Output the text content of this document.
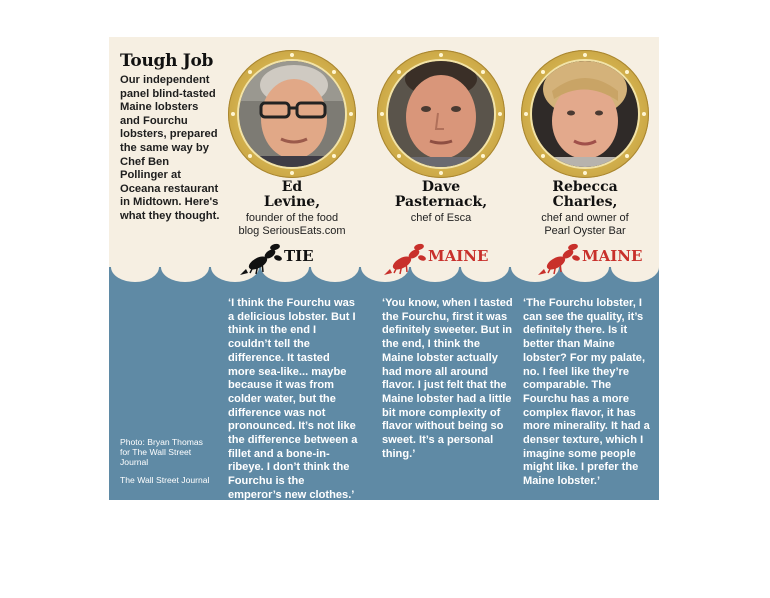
Tough Job
Our independent panel blind-tasted Maine lobsters and Fourchu lobsters, prepared the same way by Chef Ben Pollinger at Oceana restaurant in Midtown. Here's what they thought.
Ed
Levine,
founder of the food
blog SeriousEats.com
TIE
‘I think the Fourchu was a delicious lobster. But I think in the end I couldn’t tell the difference. It tasted more sea-like... maybe because it was from colder water, but the difference was not pronounced. It’s not like the difference between a fillet and a bone-in-ribeye. I don’t think the Fourchu is the emperor’s new clothes.’
Dave
Pasternack,
chef of Esca
MAINE
‘You know, when I tasted the Fourchu, first it was definitely sweeter. But in the end, I think the Maine lobster actually had more all around flavor. I just felt that the Maine lobster had a little bit more complexity of flavor without being so sweet. It’s a personal thing.’
Rebecca
Charles,
chef and owner of
Pearl Oyster Bar
MAINE
‘The Fourchu lobster, I can see the quality, it’s definitely there. Is it better than Maine lobster? For my palate, no. I feel like they’re comparable. The Fourchu has a more complex flavor, it has more minerality. It had a denser texture, which I imagine some people might like. I prefer the Maine lobster.’
Photo: Bryan Thomas for The Wall Street Journal
The Wall Street Journal
